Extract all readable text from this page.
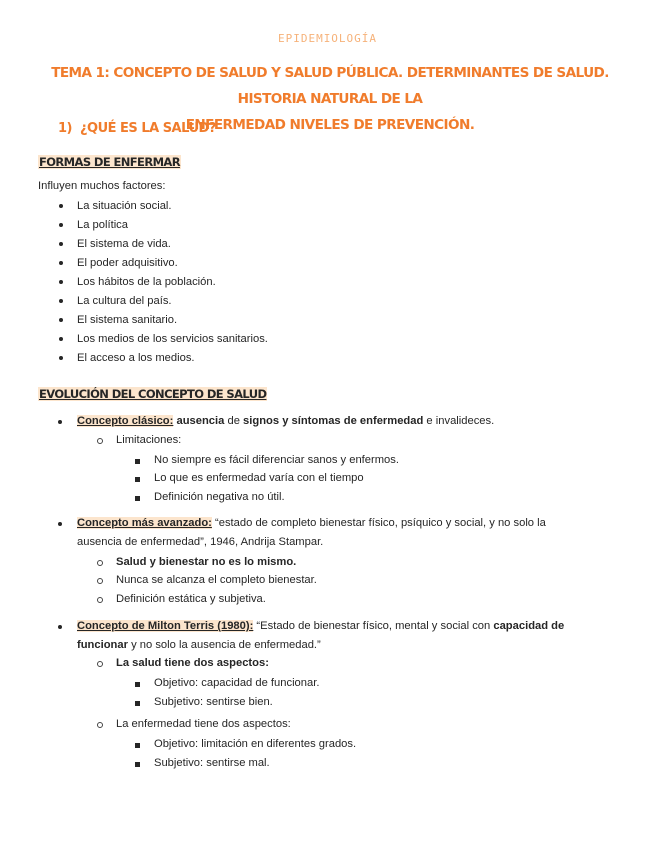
EPIDEMIOLOGÍA
TEMA 1: CONCEPTO DE SALUD Y SALUD PÚBLICA. DETERMINANTES DE SALUD. HISTORIA NATURAL DE LA
ENFERMEDAD NIVELES DE PREVENCIÓN.
1) ¿QUÉ ES LA SALUD?
FORMAS DE ENFERMAR
Influyen muchos factores:
La situación social.
La política
El sistema de vida.
El poder adquisitivo.
Los hábitos de la población.
La cultura del país.
El sistema sanitario.
Los medios de los servicios sanitarios.
El acceso a los medios.
EVOLUCIÓN DEL CONCEPTO DE SALUD
Concepto clásico: ausencia de signos y síntomas de enfermedad e invalideces.
Limitaciones:
No siempre es fácil diferenciar sanos y enfermos.
Lo que es enfermedad varía con el tiempo
Definición negativa no útil.
Concepto más avanzado: “estado de completo bienestar físico, psíquico y social, y no solo la
ausencia de enfermedad”, 1946, Andrija Stampar.
Salud y bienestar no es lo mismo.
Nunca se alcanza el completo bienestar.
Definición estática y subjetiva.
Concepto de Milton Terris (1980): “Estado de bienestar físico, mental y social con capacidad de
funcionar y no solo la ausencia de enfermedad.”
La salud tiene dos aspectos:
Objetivo: capacidad de funcionar.
Subjetivo: sentirse bien.
La enfermedad tiene dos aspectos:
Objetivo: limitación en diferentes grados.
Subjetivo: sentirse mal.
